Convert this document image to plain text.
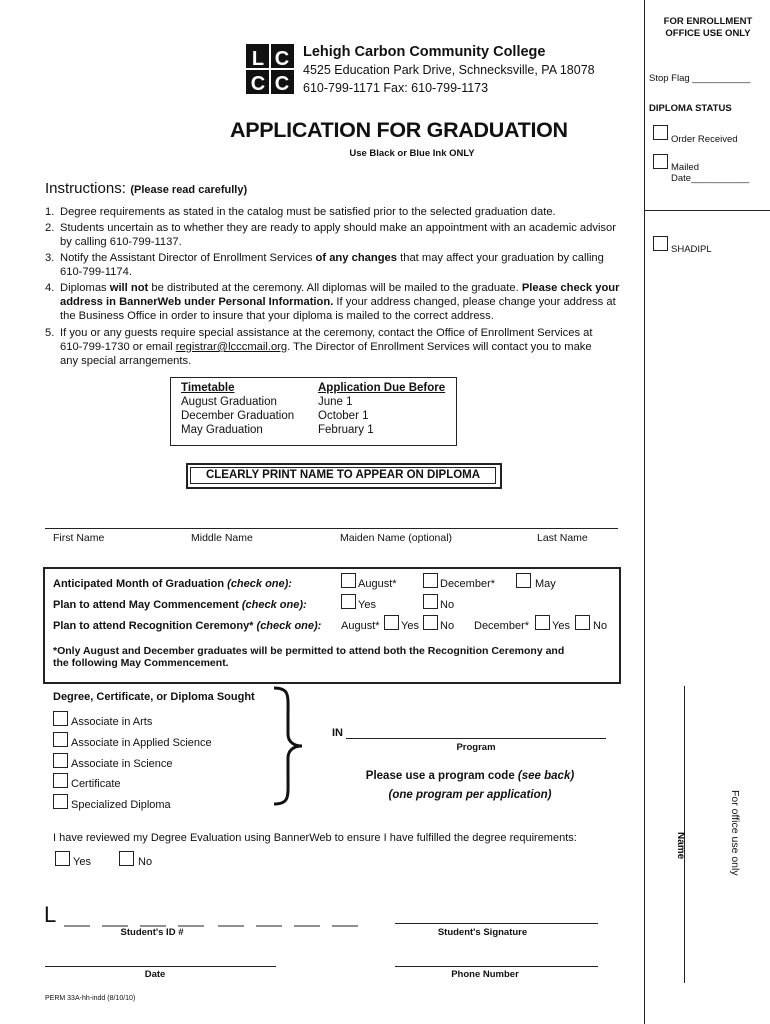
FOR ENROLLMENT
OFFICE USE ONLY
Stop Flag ___________
DIPLOMA STATUS
Order Received
Mailed
Date___________
SHADIPL
L C
C C
Lehigh Carbon Community College
4525 Education Park Drive, Schnecksville, PA 18078
610-799-1171 Fax: 610-799-1173
APPLICATION FOR GRADUATION
Use Black or Blue Ink ONLY
Instructions: (Please read carefully)
1. Degree requirements as stated in the catalog must be satisfied prior to the selected graduation date.
2. Students uncertain as to whether they are ready to apply should make an appointment with an academic advisor
by calling 610-799-1137.
3. Notify the Assistant Director of Enrollment Services of any changes that may affect your graduation by calling
610-799-1174.
4. Diplomas will not be distributed at the ceremony. All diplomas will be mailed to the graduate. Please check your
address in BannerWeb under Personal Information. If your address changed, please change your address at
the Business Office in order to insure that your diploma is mailed to the correct address.
5. If you or any guests require special assistance at the ceremony, contact the Office of Enrollment Services at
610-799-1730 or email registrar@lcccmail.org. The Director of Enrollment Services will contact you to make
any special arrangements.
Timetable	Application Due Before
August Graduation	June 1
December Graduation October 1
May Graduation	February 1
CLEARLY PRINT NAME TO APPEAR ON DIPLOMA
First Name	Middle Name	Maiden Name (optional)	Last Name
Anticipated Month of Graduation (check one):	August*	December*	May
Plan to attend May Commencement (check one):	Yes	No
Plan to attend Recognition Ceremony* (check one): August* Yes No December* Yes No
*Only August and December graduates will be permitted to attend both the Recognition Ceremony and
the following May Commencement.
Degree, Certificate, or Diploma Sought
Associate in Arts
Associate in Applied Science
Associate in Science
Certificate
Specialized Diploma
IN
Program
Please use a program code (see back)
(one program per application)
I have reviewed my Degree Evaluation using BannerWeb to ensure I have fulfilled the degree requirements:
Yes	No
L
Student's ID #	Student's Signature
Date	Phone Number
Name	For office use only
PERM 33A-hh-indd (8/10/10)
